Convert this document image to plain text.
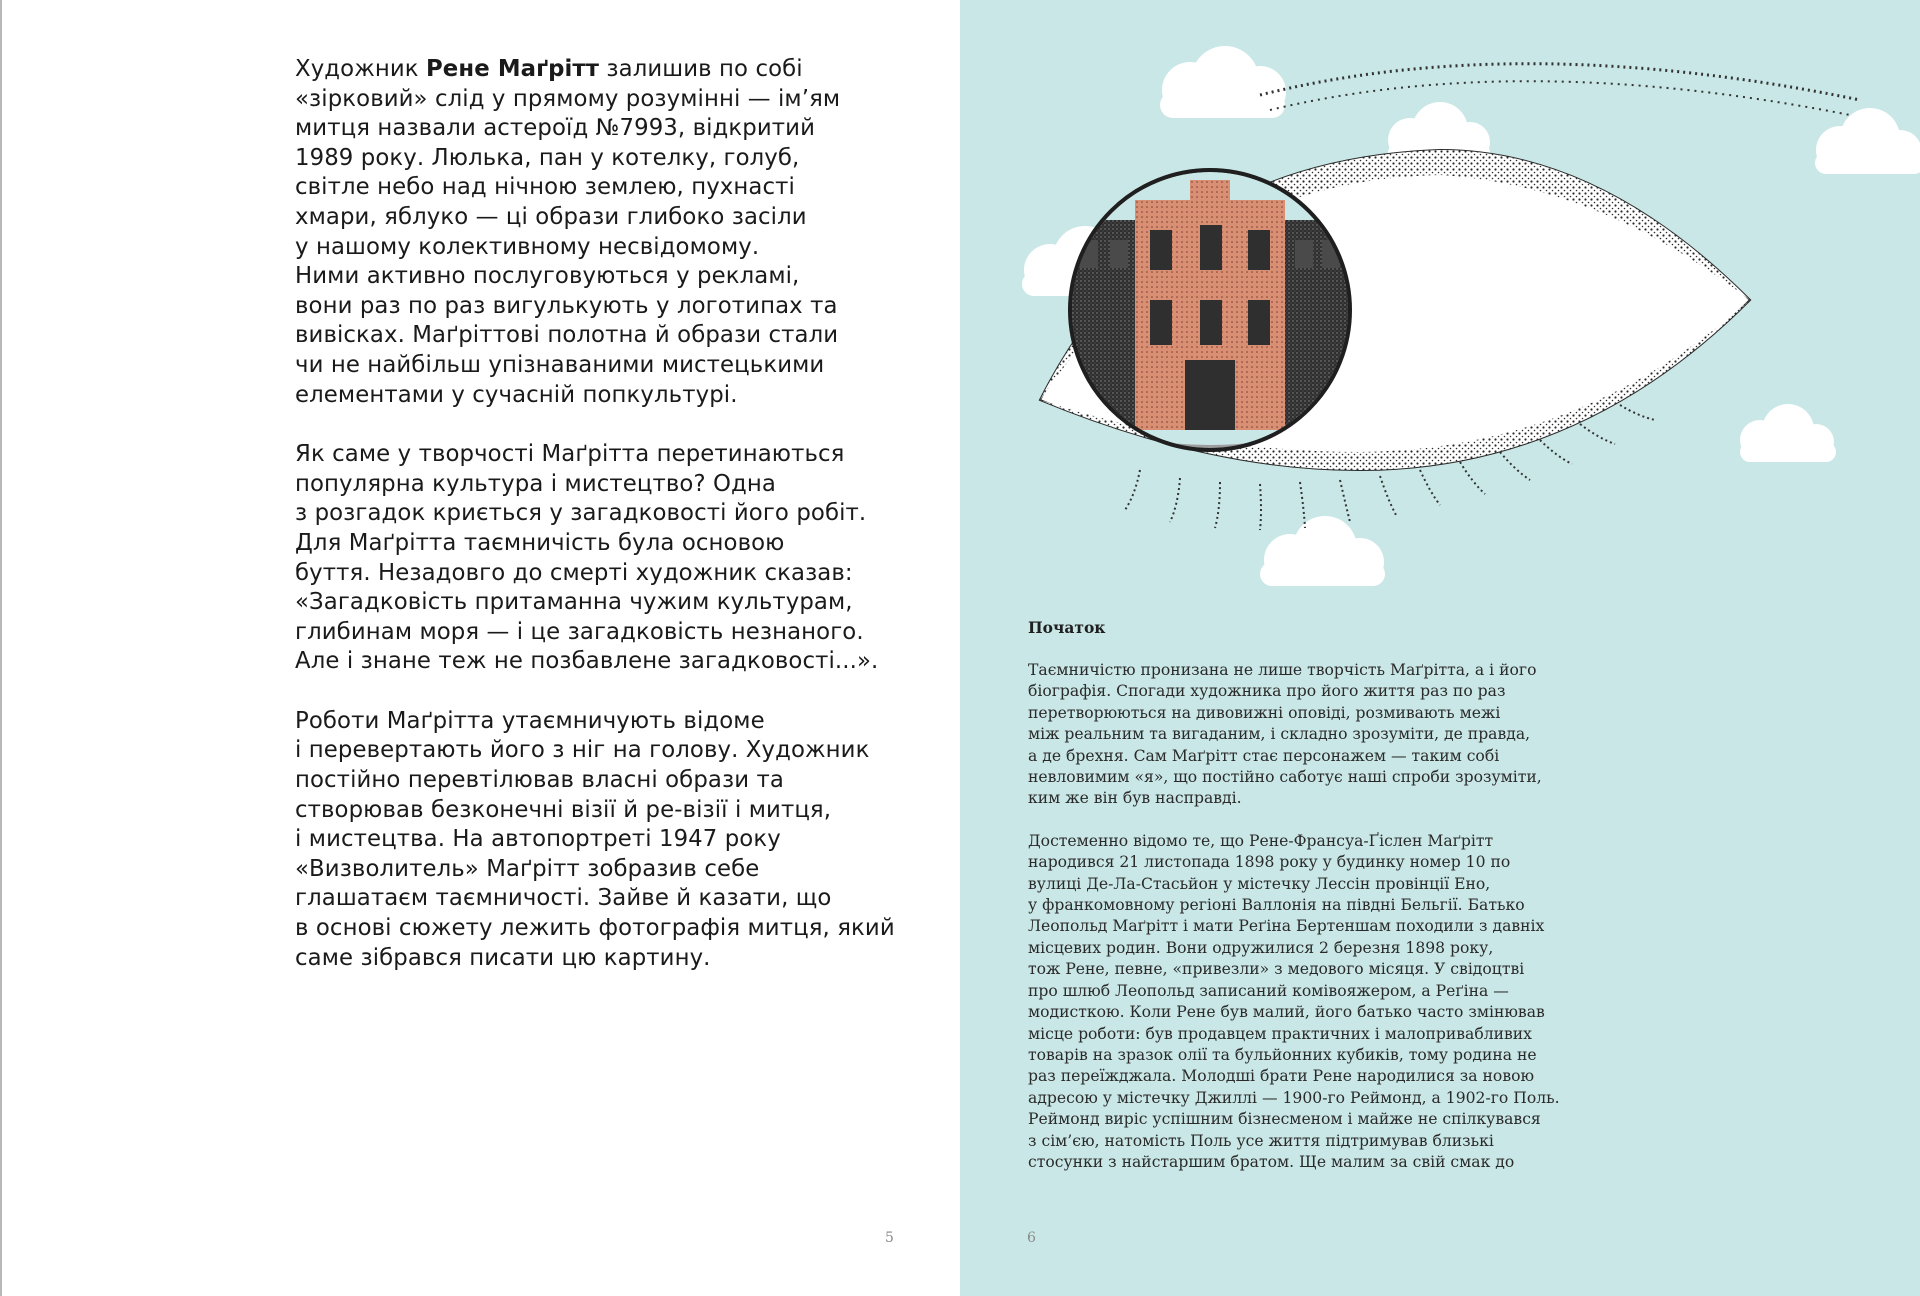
Художник Рене Маґрітт залишив по собі
«зірковий» слід у прямому розумінні — ім’ям
митця назвали астероїд №7993, відкритий
1989 року. Люлька, пан у котелку, голуб,
світле небо над нічною землею, пухнасті
хмари, яблуко — ці образи глибоко засіли
у нашому колективному несвідомому.
Ними активно послуговуються у рекламі,
вони раз по раз вигулькують у логотипах та
вивісках. Маґріттові полотна й образи стали
чи не найбільш упізнаваними мистецькими
елементами у сучасній попкультурі.

Як саме у творчості Маґрітта перетинаються
популярна культура і мистецтво? Одна
з розгадок криється у загадковості його робіт.
Для Маґрітта таємничість була основою
буття. Незадовго до смерті художник сказав:
«Загадковість притаманна чужим культурам,
глибинам моря — і це загадковість незнаного.
Але і знане теж не позбавлене загадковості...».

Роботи Маґрітта утаємничують відоме
і перевертають його з ніг на голову. Художник
постійно перевтілював власні образи та
створював безконечні візії й ре-візії і митця,
і мистецтва. На автопортреті 1947 року
«Визволитель» Маґрітт зобразив себе
глашатаєм таємничості. Зайве й казати, що
в основі сюжету лежить фотографія митця, який
саме зібрався писати цю картину.

5
Початок

Таємничістю пронизана не лише творчість Маґрітта, а і його
біографія. Спогади художника про його життя раз по раз
перетворюються на дивовижні оповіді, розмивають межі
між реальним та вигаданим, і складно зрозуміти, де правда,
а де брехня. Сам Маґрітт стає персонажем — таким собі
невловимим «я», що постійно саботує наші спроби зрозуміти,
ким же він був насправді.

Достеменно відомо те, що Рене-Франсуа-Ґіслен Маґрітт
народився 21 листопада 1898 року у будинку номер 10 по
вулиці Де-Ла-Стасьйон у містечку Лессін провінції Ено,
у франкомовному регіоні Валлонія на півдні Бельгії. Батько
Леопольд Маґрітт і мати Реґіна Бертеншам походили з давніх
місцевих родин. Вони одружилися 2 березня 1898 року,
тож Рене, певне, «привезли» з медового місяця. У свідоцтві
про шлюб Леопольд записаний комівояжером, а Реґіна —
модисткою. Коли Рене був малий, його батько часто змінював
місце роботи: був продавцем практичних і малопривабливих
товарів на зразок олії та бульйонних кубиків, тому родина не
раз переїжджала. Молодші брати Рене народилися за новою
адресою у містечку Джиллі — 1900-го Реймонд, а 1902-го Поль.
Реймонд виріс успішним бізнесменом і майже не спілкувався
з сім’єю, натомість Поль усе життя підтримував близькі
стосунки з найстаршим братом. Ще малим за свій смак до

6
